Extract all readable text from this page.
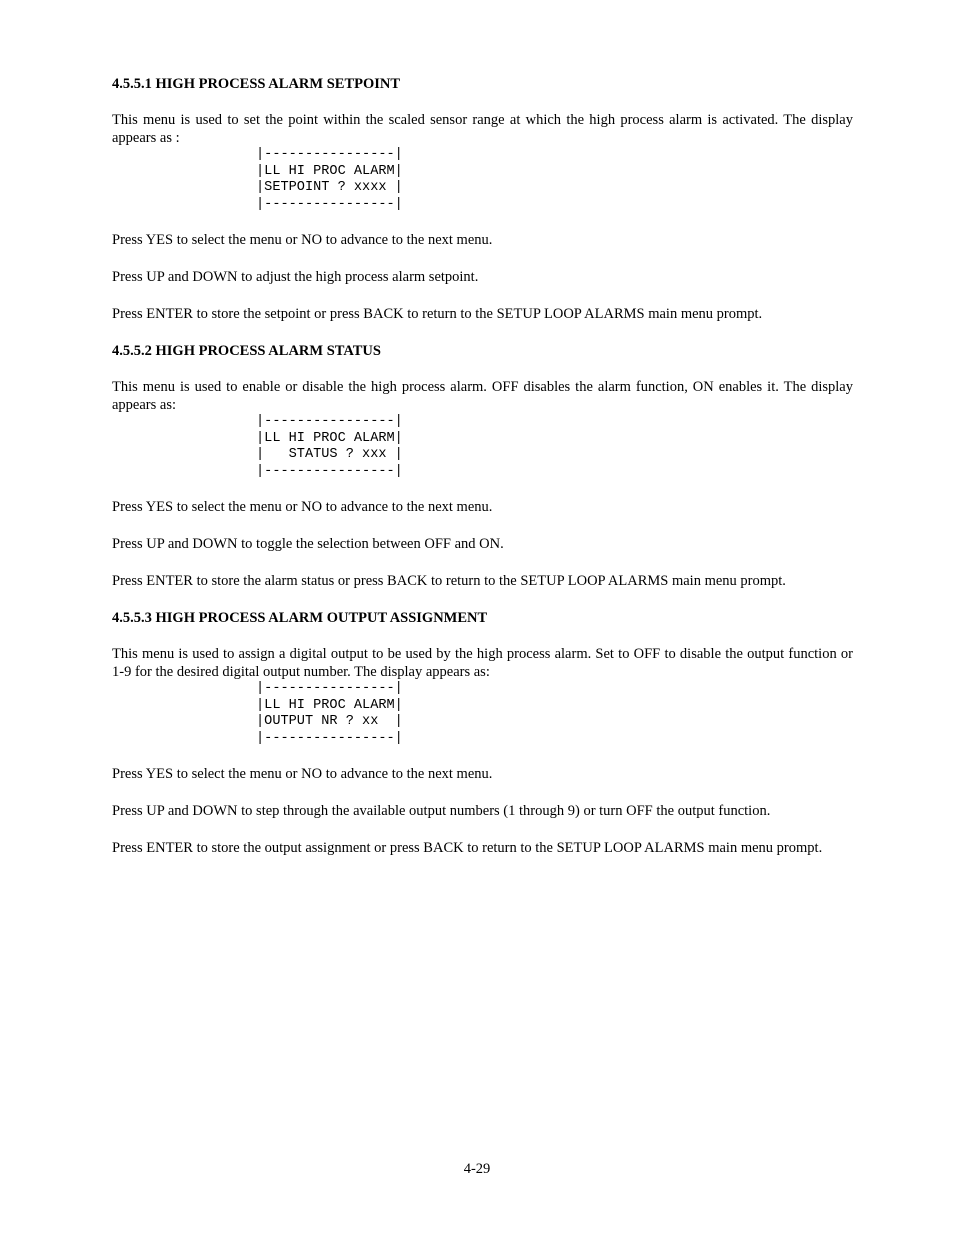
4.5.5.1 HIGH PROCESS ALARM SETPOINT

This menu is used to set the point within the scaled sensor range at which the high process alarm is activated. The display appears as :

|----------------|
|LL HI PROC ALARM|
|SETPOINT ? xxxx |
|----------------|

Press YES to select the menu or NO to advance to the next menu.

Press UP and DOWN to adjust the high process alarm setpoint.

Press ENTER to store the setpoint or press BACK to return to the SETUP LOOP ALARMS main menu prompt.

4.5.5.2 HIGH PROCESS ALARM STATUS

This menu is used to enable or disable the high process alarm. OFF disables the alarm function, ON enables it. The display appears as:

|----------------|
|LL HI PROC ALARM|
|   STATUS ? xxx |
|----------------|

Press YES to select the menu or NO to advance to the next menu.

Press UP and DOWN to toggle the selection between OFF and ON.

Press ENTER to store the alarm status or press BACK to return to the SETUP LOOP ALARMS main menu prompt.

4.5.5.3 HIGH PROCESS ALARM OUTPUT ASSIGNMENT

This menu is used to assign a digital output to be used by the high process alarm. Set to OFF to disable the output function or 1-9 for the desired digital output number. The display appears as:

|----------------|
|LL HI PROC ALARM|
|OUTPUT NR ? xx  |
|----------------|

Press YES to select the menu or NO to advance to the next menu.

Press UP and DOWN to step through the available output numbers (1 through 9) or turn OFF the output function.

Press ENTER to store the output assignment or press BACK to return to the SETUP LOOP ALARMS main menu prompt.

4-29
